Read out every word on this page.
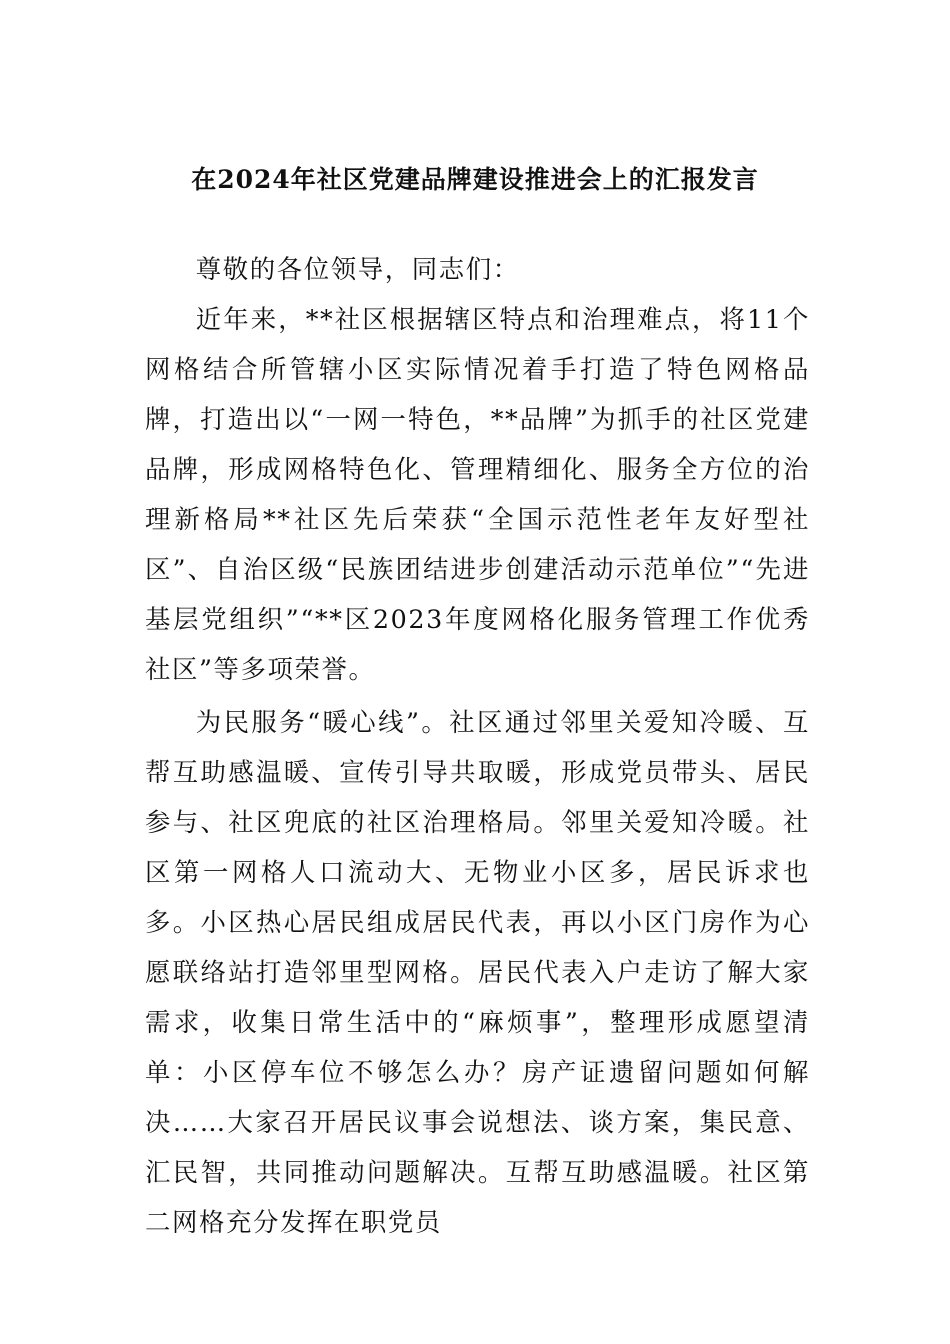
在2024年社区党建品牌建设推进会上的汇报发言

尊敬的各位领导，同志们：

近年来，**社区根据辖区特点和治理难点，将11个网格结合所管辖小区实际情况着手打造了特色网格品牌，打造出以“一网一特色，**品牌”为抓手的社区党建品牌，形成网格特色化、管理精细化、服务全方位的治理新格局**社区先后荣获“全国示范性老年友好型社区”、自治区级“民族团结进步创建活动示范单位”“先进基层党组织”“**区2023年度网格化服务管理工作优秀社区”等多项荣誉。

为民服务“暖心线”。社区通过邻里关爱知冷暖、互帮互助感温暖、宣传引导共取暖，形成党员带头、居民参与、社区兜底的社区治理格局。邻里关爱知冷暖。社区第一网格人口流动大、无物业小区多，居民诉求也多。小区热心居民组成居民代表，再以小区门房作为心愿联络站打造邻里型网格。居民代表入户走访了解大家需求，收集日常生活中的“麻烦事”，整理形成愿望清单：小区停车位不够怎么办？房产证遗留问题如何解决……大家召开居民议事会说想法、谈方案，集民意、汇民智，共同推动问题解决。互帮互助感温暖。社区第二网格充分发挥在职党员
